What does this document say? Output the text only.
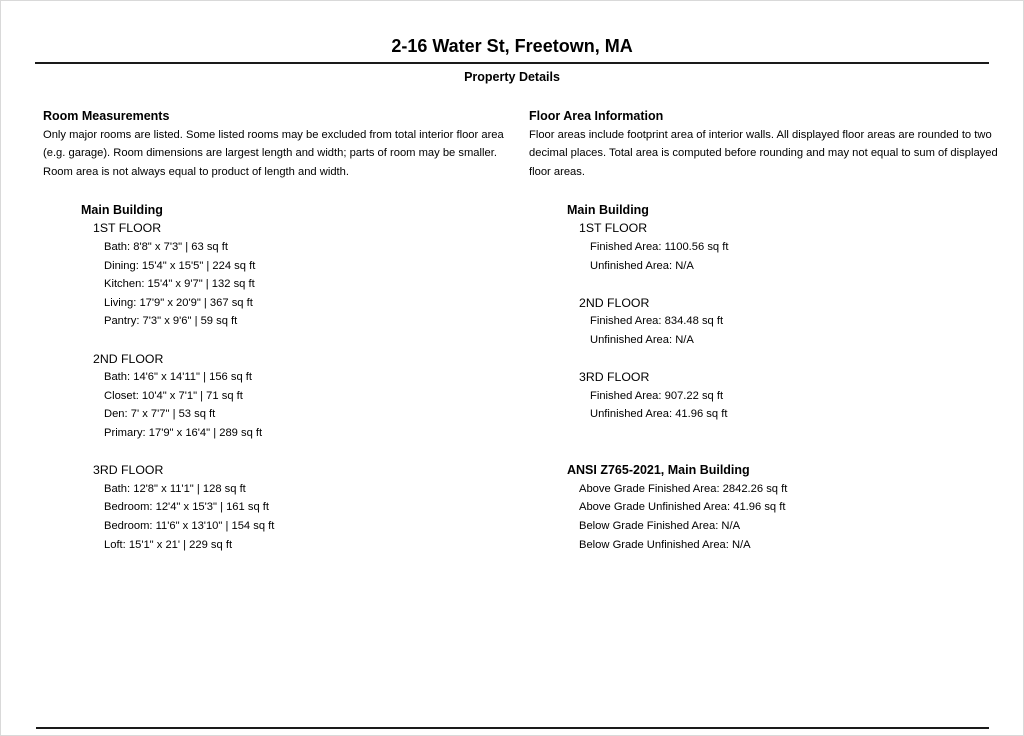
2-16 Water St, Freetown, MA
Property Details
Room Measurements
Only major rooms are listed. Some listed rooms may be excluded from total interior floor area
(e.g. garage). Room dimensions are largest length and width; parts of room may be smaller.
Room area is not always equal to product of length and width.
Main Building
1ST FLOOR
Bath: 8'8" x 7'3" | 63 sq ft
Dining: 15'4" x 15'5" | 224 sq ft
Kitchen: 15'4" x 9'7" | 132 sq ft
Living: 17'9" x 20'9" | 367 sq ft
Pantry: 7'3" x 9'6" | 59 sq ft
2ND FLOOR
Bath: 14'6" x 14'11" | 156 sq ft
Closet: 10'4" x 7'1" | 71 sq ft
Den: 7' x 7'7" | 53 sq ft
Primary: 17'9" x 16'4" | 289 sq ft
3RD FLOOR
Bath: 12'8" x 11'1" | 128 sq ft
Bedroom: 12'4" x 15'3" | 161 sq ft
Bedroom: 11'6" x 13'10" | 154 sq ft
Loft: 15'1" x 21' | 229 sq ft
Floor Area Information
Floor areas include footprint area of interior walls. All displayed floor areas are rounded to two
decimal places. Total area is computed before rounding and may not equal to sum of displayed
floor areas.
Main Building
1ST FLOOR
Finished Area: 1100.56 sq ft
Unfinished Area: N/A
2ND FLOOR
Finished Area: 834.48 sq ft
Unfinished Area: N/A
3RD FLOOR
Finished Area: 907.22 sq ft
Unfinished Area: 41.96 sq ft
ANSI Z765-2021, Main Building
Above Grade Finished Area: 2842.26 sq ft
Above Grade Unfinished Area: 41.96 sq ft
Below Grade Finished Area: N/A
Below Grade Unfinished Area: N/A
